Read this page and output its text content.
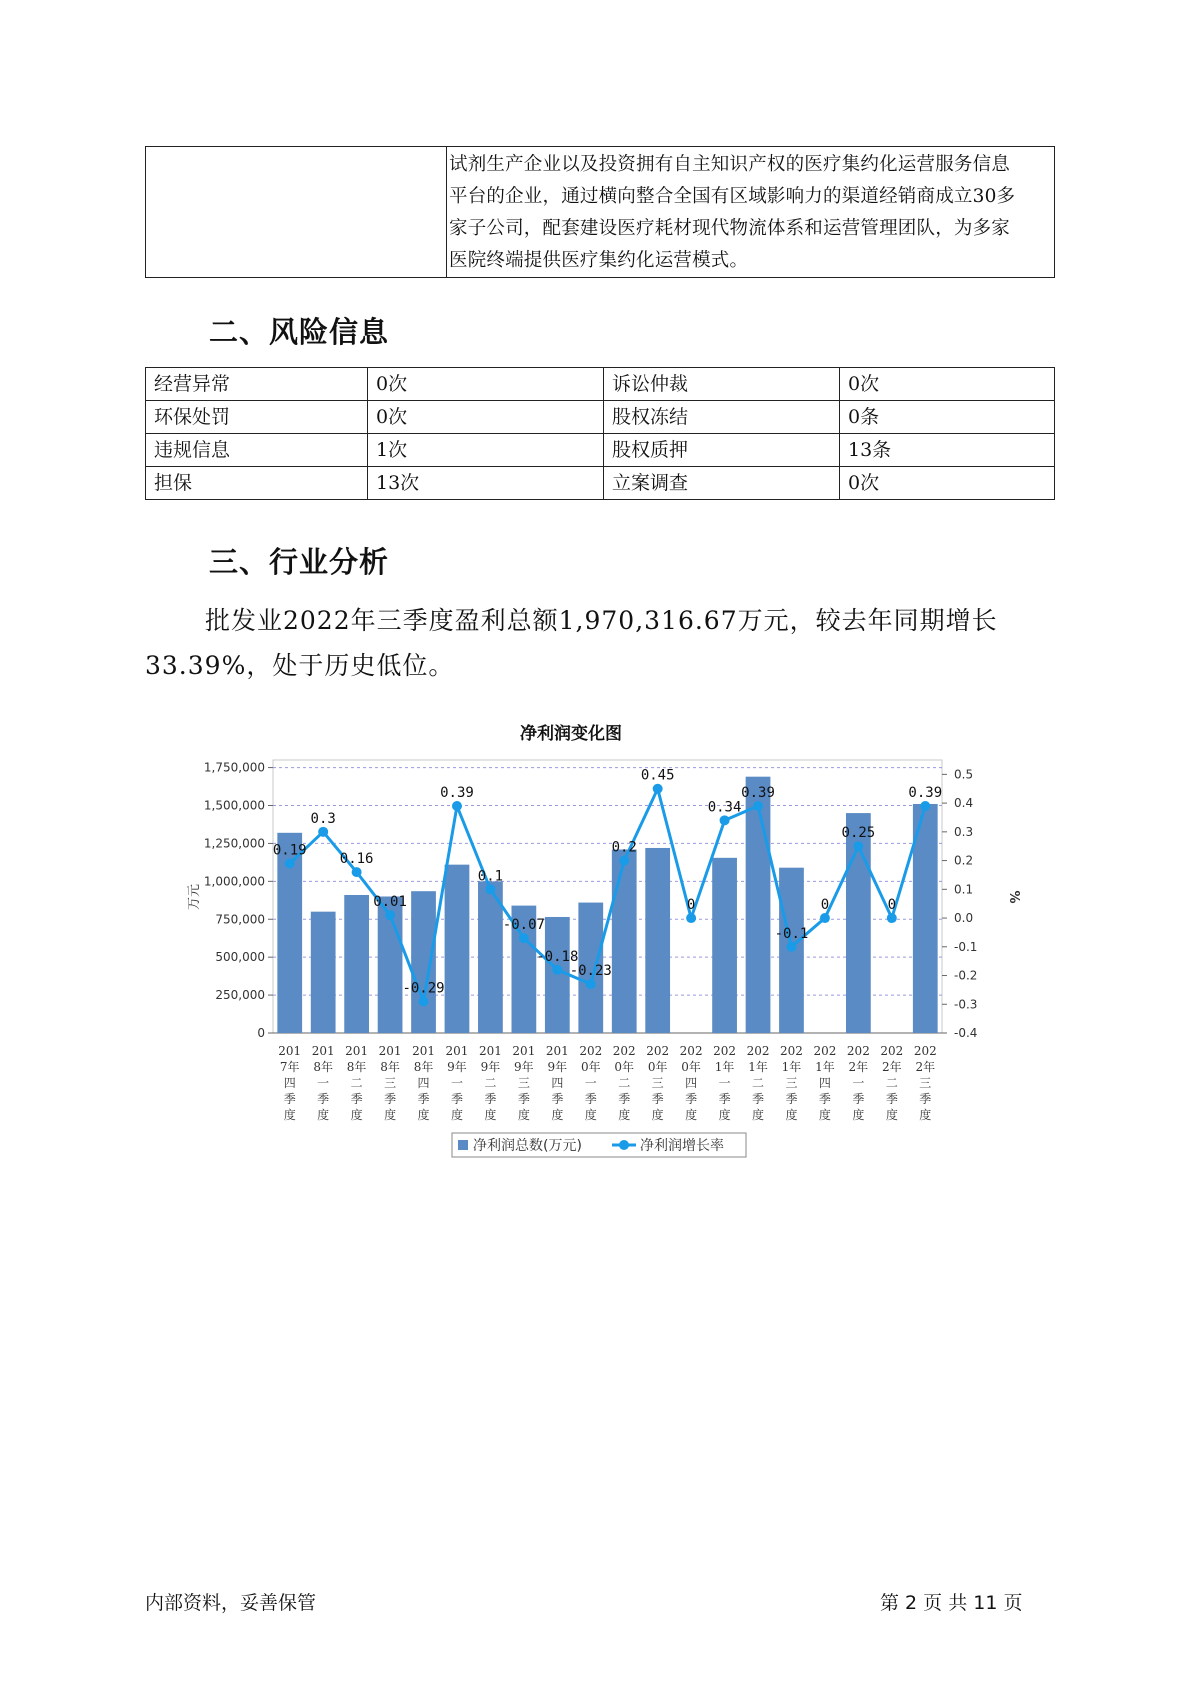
试剂生产企业以及投资拥有自主知识产权的医疗集约化运营服务信息
平台的企业，通过横向整合全国有区域影响力的渠道经销商成立30多
家子公司，配套建设医疗耗材现代物流体系和运营管理团队，为多家
医院终端提供医疗集约化运营模式。
二、风险信息
经营异常	0次	诉讼仲裁	0次
环保处罚	0次	股权冻结	0条
违规信息	1次	股权质押	13条
担保	13次	立案调查	0次
三、行业分析
批发业2022年三季度盈利总额1,970,316.67万元，较去年同期增长
33.39%，处于历史低位。
净利润变化图
0.19
0.3
0.16
0.01
-0.29
0.39
0.1
-0.07
-0.18
-0.23
0.2
0.45
0
0.34
0.39
-0.1
0
0.25
0
0.39
0
250,000
500,000
750,000
1,000,000
1,250,000
1,500,000
1,750,000
-0.4
-0.3
-0.2
-0.1
0.0
0.1
0.2
0.3
0.4
0.5
201 7年四季度
201 8年一季度
201 8年二季度
201 8年三季度
201 8年四季度
201 9年一季度
201 9年二季度
201 9年三季度
201 9年四季度
202 0年一季度
202 0年二季度
202 0年三季度
202 0年四季度
202 1年一季度
202 1年二季度
202 1年三季度
202 1年四季度
202 2年一季度
202 2年二季度
202 2年三季度
万元	%
净利润总数(万元)	净利润增长率
内部资料，妥善保管	第 2 页 共 11 页
